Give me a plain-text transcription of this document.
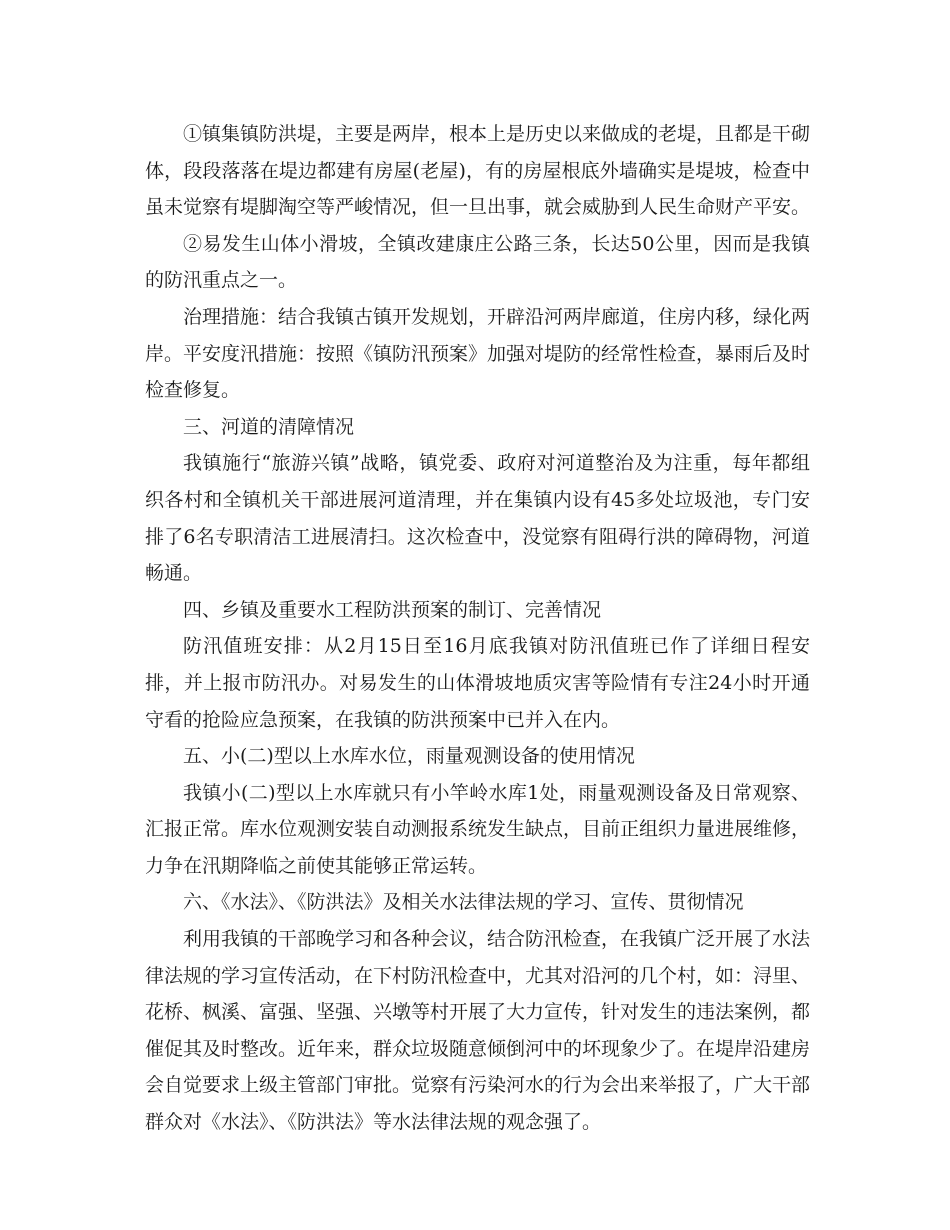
①镇集镇防洪堤，主要是两岸，根本上是历史以来做成的老堤，且都是干砌体，段段落落在堤边都建有房屋(老屋)，有的房屋根底外墙确实是堤坡，检查中虽未觉察有堤脚淘空等严峻情况，但一旦出事，就会威胁到人民生命财产平安。

②易发生山体小滑坡，全镇改建康庄公路三条，长达50公里，因而是我镇的防汛重点之一。

治理措施：结合我镇古镇开发规划，开辟沿河两岸廊道，住房内移，绿化两岸。平安度汛措施：按照《镇防汛预案》加强对堤防的经常性检查，暴雨后及时检查修复。

三、河道的清障情况

我镇施行“旅游兴镇”战略，镇党委、政府对河道整治及为注重，每年都组织各村和全镇机关干部进展河道清理，并在集镇内设有45多处垃圾池，专门安排了6名专职清洁工进展清扫。这次检查中，没觉察有阻碍行洪的障碍物，河道畅通。

四、乡镇及重要水工程防洪预案的制订、完善情况

防汛值班安排：从2月15日至16月底我镇对防汛值班已作了详细日程安排，并上报市防汛办。对易发生的山体滑坡地质灾害等险情有专注24小时开通守看的抢险应急预案，在我镇的防洪预案中已并入在内。

五、小(二)型以上水库水位，雨量观测设备的使用情况

我镇小(二)型以上水库就只有小竿岭水库1处，雨量观测设备及日常观察、汇报正常。库水位观测安装自动测报系统发生缺点，目前正组织力量进展维修，力争在汛期降临之前使其能够正常运转。

六、《水法》、《防洪法》及相关水法律法规的学习、宣传、贯彻情况

利用我镇的干部晚学习和各种会议，结合防汛检查，在我镇广泛开展了水法律法规的学习宣传活动，在下村防汛检查中，尤其对沿河的几个村，如：浔里、花桥、枫溪、富强、坚强、兴墩等村开展了大力宣传，针对发生的违法案例，都催促其及时整改。近年来，群众垃圾随意倾倒河中的坏现象少了。在堤岸沿建房会自觉要求上级主管部门审批。觉察有污染河水的行为会出来举报了，广大干部群众对《水法》、《防洪法》等水法律法规的观念强了。
